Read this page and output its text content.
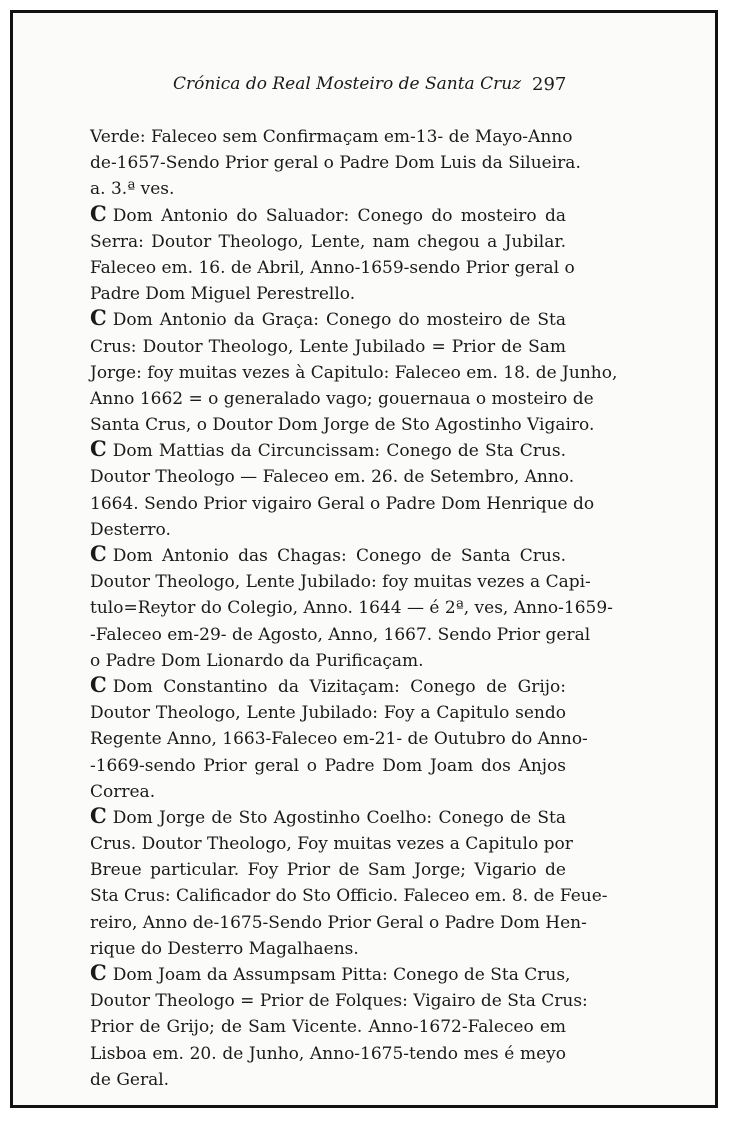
Crónica do Real Mosteiro de Santa Cruz 297
Verde: Faleceo sem Confirmaçam em-13- de Mayo-Anno
de-1657-Sendo Prior geral o Padre Dom Luis da Silueira.
a. 3.ª ves.
C Dom Antonio do Saluador: Conego do mosteiro da
Serra: Doutor Theologo, Lente, nam chegou a Jubilar.
Faleceo em. 16. de Abril, Anno-1659-sendo Prior geral o
Padre Dom Miguel Perestrello.
C Dom Antonio da Graça: Conego do mosteiro de Sta
Crus: Doutor Theologo, Lente Jubilado = Prior de Sam
Jorge: foy muitas vezes à Capitulo: Faleceo em. 18. de Junho,
Anno 1662 = o generalado vago; gouernaua o mosteiro de
Santa Crus, o Doutor Dom Jorge de Sto Agostinho Vigairo.
C Dom Mattias da Circuncissam: Conego de Sta Crus.
Doutor Theologo — Faleceo em. 26. de Setembro, Anno.
1664. Sendo Prior vigairo Geral o Padre Dom Henrique do
Desterro.
C Dom Antonio das Chagas: Conego de Santa Crus.
Doutor Theologo, Lente Jubilado: foy muitas vezes a Capi-
tulo=Reytor do Colegio, Anno. 1644 — é 2ª, ves, Anno-1659-
-Faleceo em-29- de Agosto, Anno, 1667. Sendo Prior geral
o Padre Dom Lionardo da Purificaçam.
C Dom Constantino da Vizitaçam: Conego de Grijo:
Doutor Theologo, Lente Jubilado: Foy a Capitulo sendo
Regente Anno, 1663-Faleceo em-21- de Outubro do Anno-
-1669-sendo Prior geral o Padre Dom Joam dos Anjos
Correa.
C Dom Jorge de Sto Agostinho Coelho: Conego de Sta
Crus. Doutor Theologo, Foy muitas vezes a Capitulo por
Breue particular. Foy Prior de Sam Jorge; Vigario de
Sta Crus: Calificador do Sto Officio. Faleceo em. 8. de Feue-
reiro, Anno de-1675-Sendo Prior Geral o Padre Dom Hen-
rique do Desterro Magalhaens.
C Dom Joam da Assumpsam Pitta: Conego de Sta Crus,
Doutor Theologo = Prior de Folques: Vigairo de Sta Crus:
Prior de Grijo; de Sam Vicente. Anno-1672-Faleceo em
Lisboa em. 20. de Junho, Anno-1675-tendo mes é meyo
de Geral.
